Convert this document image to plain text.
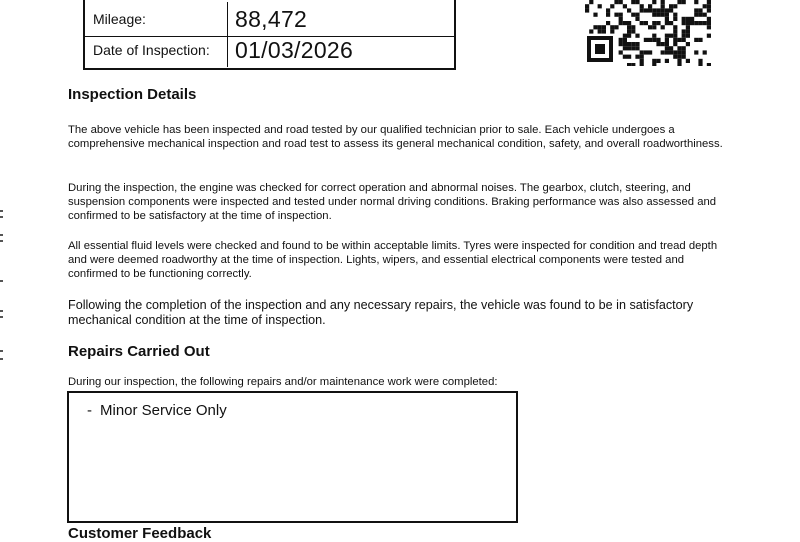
Mileage:	88,472
Date of Inspection:	01/03/2026
Inspection Details

The above vehicle has been inspected and road tested by our qualified technician prior to sale. Each vehicle undergoes a comprehensive mechanical inspection and road test to assess its general mechanical condition, safety, and overall roadworthiness.

During the inspection, the engine was checked for correct operation and abnormal noises. The gearbox, clutch, steering, and suspension components were inspected and tested under normal driving conditions. Braking performance was also assessed and confirmed to be satisfactory at the time of inspection.

All essential fluid levels were checked and found to be within acceptable limits. Tyres were inspected for condition and tread depth and were deemed roadworthy at the time of inspection. Lights, wipers, and essential electrical components were tested and confirmed to be functioning correctly.

Following the completion of the inspection and any necessary repairs, the vehicle was found to be in satisfactory mechanical condition at the time of inspection.

Repairs Carried Out
During our inspection, the following repairs and/or maintenance work were completed:
- Minor Service Only
Customer Feedback
